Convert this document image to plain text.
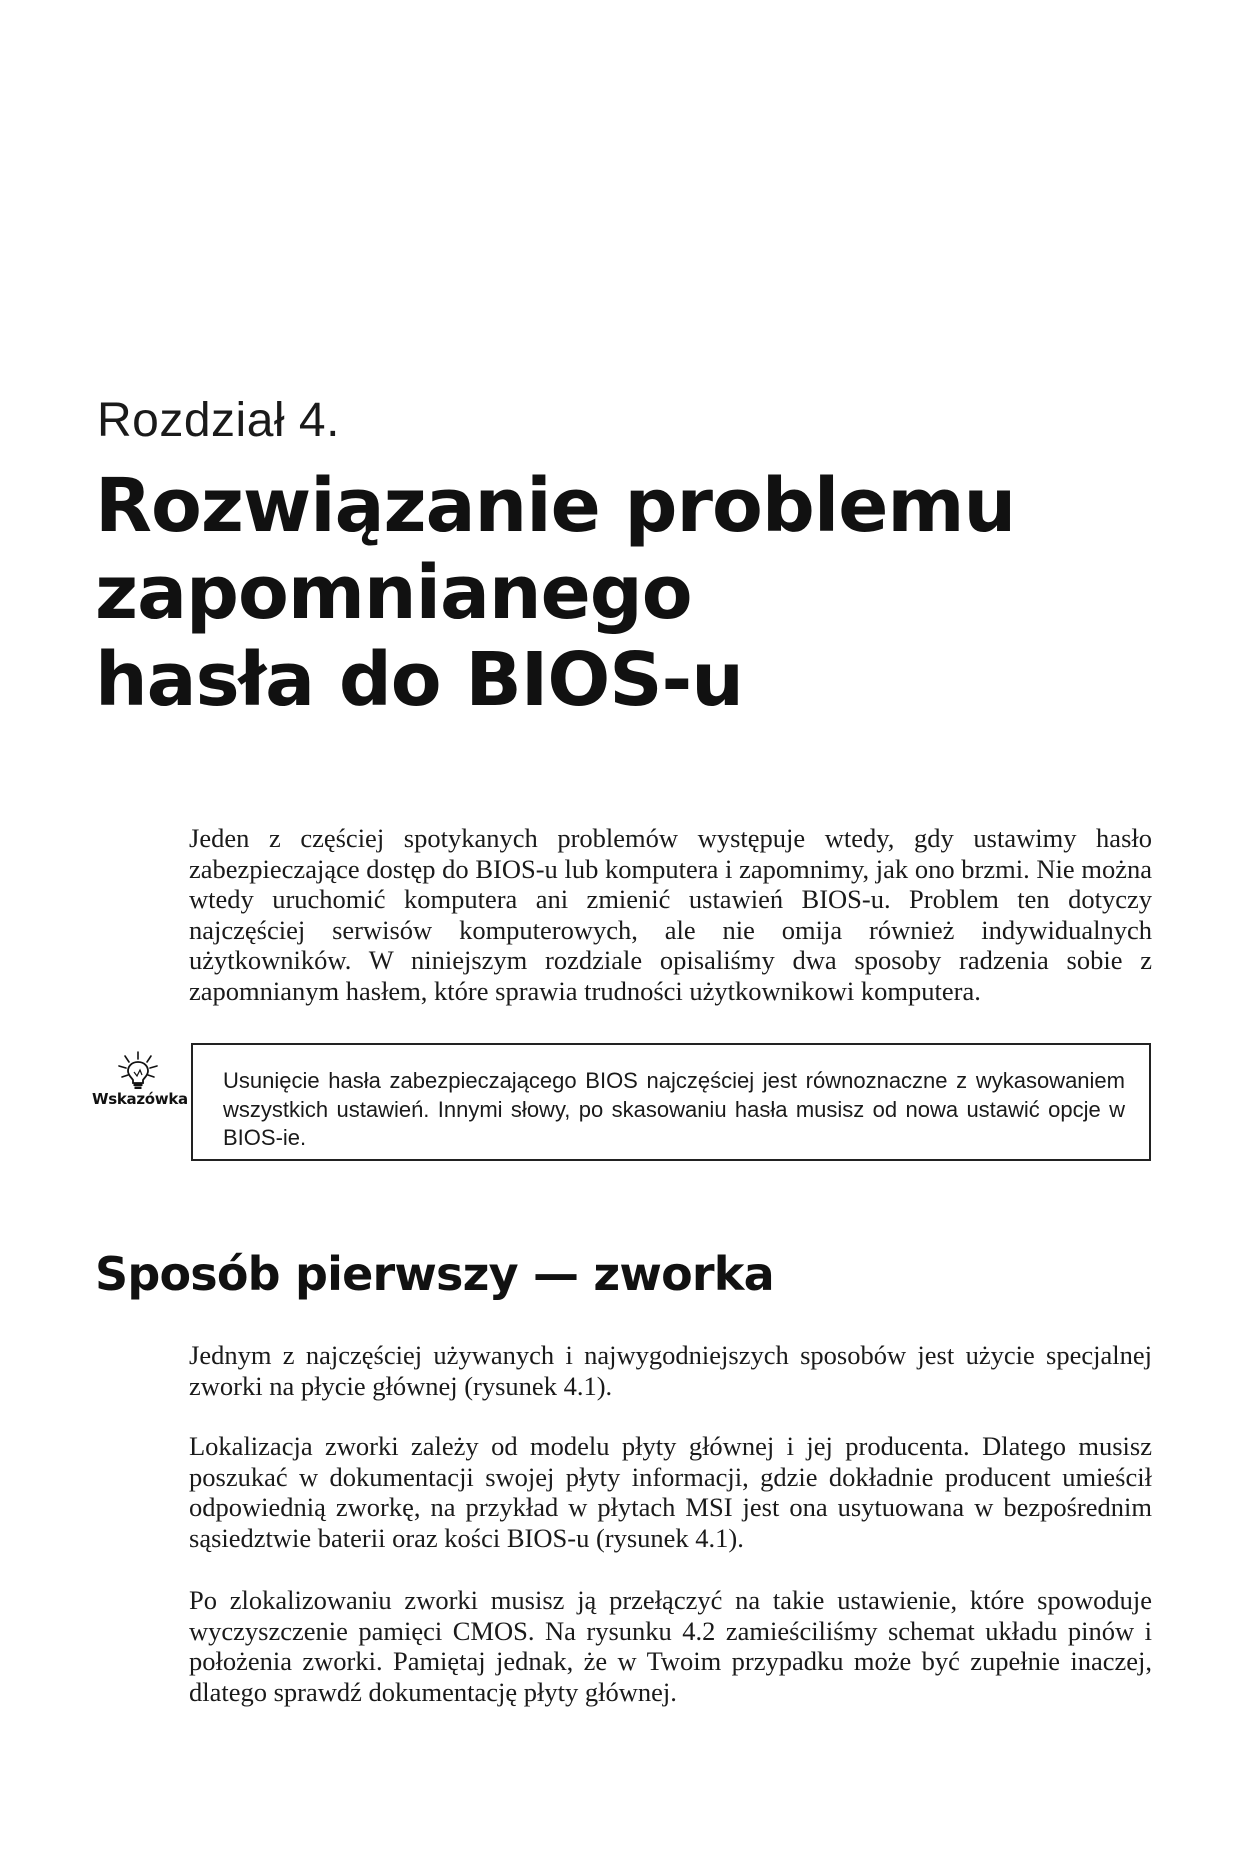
Rozdział 4.
Rozwiązanie problemu
zapomnianego
hasła do BIOS-u

Jeden z częściej spotykanych problemów występuje wtedy, gdy ustawimy hasło zabezpieczające dostęp do BIOS-u lub komputera i zapomnimy, jak ono brzmi. Nie można wtedy uruchomić komputera ani zmienić ustawień BIOS-u. Problem ten dotyczy najczęściej serwisów komputerowych, ale nie omija również indywidualnych użytkowników. W niniejszym rozdziale opisaliśmy dwa sposoby radzenia sobie z zapomnianym hasłem, które sprawia trudności użytkownikowi komputera.

Wskazówka

Usunięcie hasła zabezpieczającego BIOS najczęściej jest równoznaczne z wykasowaniem wszystkich ustawień. Innymi słowy, po skasowaniu hasła musisz od nowa ustawić opcje w BIOS-ie.

Sposób pierwszy — zworka

Jednym z najczęściej używanych i najwygodniejszych sposobów jest użycie specjalnej zworki na płycie głównej (rysunek 4.1).

Lokalizacja zworki zależy od modelu płyty głównej i jej producenta. Dlatego musisz poszukać w dokumentacji swojej płyty informacji, gdzie dokładnie producent umieścił odpowiednią zworkę, na przykład w płytach MSI jest ona usytuowana w bezpośrednim sąsiedztwie baterii oraz kości BIOS-u (rysunek 4.1).

Po zlokalizowaniu zworki musisz ją przełączyć na takie ustawienie, które spowoduje wyczyszczenie pamięci CMOS. Na rysunku 4.2 zamieściliśmy schemat układu pinów i położenia zworki. Pamiętaj jednak, że w Twoim przypadku może być zupełnie inaczej, dlatego sprawdź dokumentację płyty głównej.
